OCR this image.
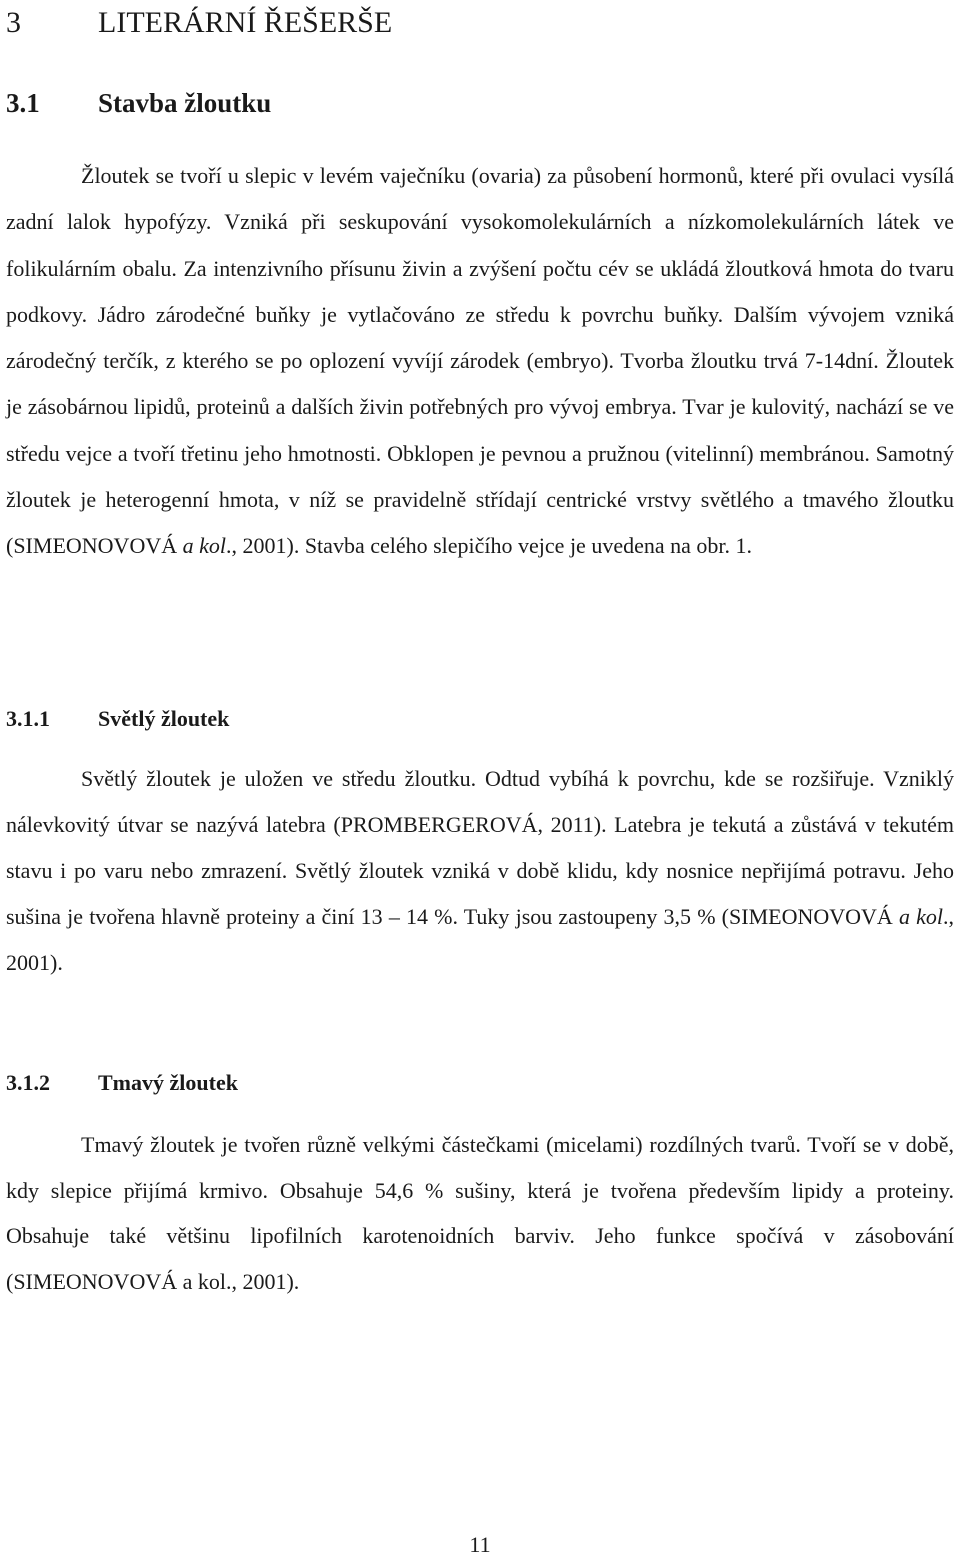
3	LITERÁRNÍ ŘEŠERŠE
3.1 Stavba žloutku

Žloutek se tvoří u slepic v levém vaječníku (ovaria) za působení hormonů, které při ovulaci vysílá zadní lalok hypofýzy. Vzniká při seskupování vysokomolekulárních a nízkomolekulárních látek ve folikulárním obalu. Za intenzivního přísunu živin a zvýšení počtu cév se ukládá žloutková hmota do tvaru podkovy. Jádro zárodečné buňky je vytlačováno ze středu k povrchu buňky. Dalším vývojem vzniká zárodečný terčík, z kterého se po oplození vyvíjí zárodek (embryo). Tvorba žloutku trvá 7-14dní. Žloutek je zásobárnou lipidů, proteinů a dalších živin potřebných pro vývoj embrya. Tvar je kulovitý, nachází se ve středu vejce a tvoří třetinu jeho hmotnosti. Obklopen je pevnou a pružnou (vitelinní) membránou. Samotný žloutek je heterogenní hmota, v níž se pravidelně střídají centrické vrstvy světlého a tmavého žloutku (SIMEONOVOVÁ a kol., 2001). Stavba celého slepičího vejce je uvedena na obr. 1.

3.1.1 Světlý žloutek

Světlý žloutek je uložen ve středu žloutku. Odtud vybíhá k povrchu, kde se rozšiřuje. Vzniklý nálevkovitý útvar se nazývá latebra (PROMBERGEROVÁ, 2011). Latebra je tekutá a zůstává v tekutém stavu i po varu nebo zmrazení. Světlý žloutek vzniká v době klidu, kdy nosnice nepřijímá potravu. Jeho sušina je tvořena hlavně proteiny a činí 13 – 14 %. Tuky jsou zastoupeny 3,5 % (SIMEONOVOVÁ a kol., 2001).

3.1.2 Tmavý žloutek

Tmavý žloutek je tvořen různě velkými částečkami (micelami) rozdílných tvarů. Tvoří se v době, kdy slepice přijímá krmivo. Obsahuje 54,6 % sušiny, která je tvořena především lipidy a proteiny. Obsahuje také většinu lipofilních karotenoidních barviv. Jeho funkce spočívá v zásobování (SIMEONOVOVÁ a kol., 2001).

11
